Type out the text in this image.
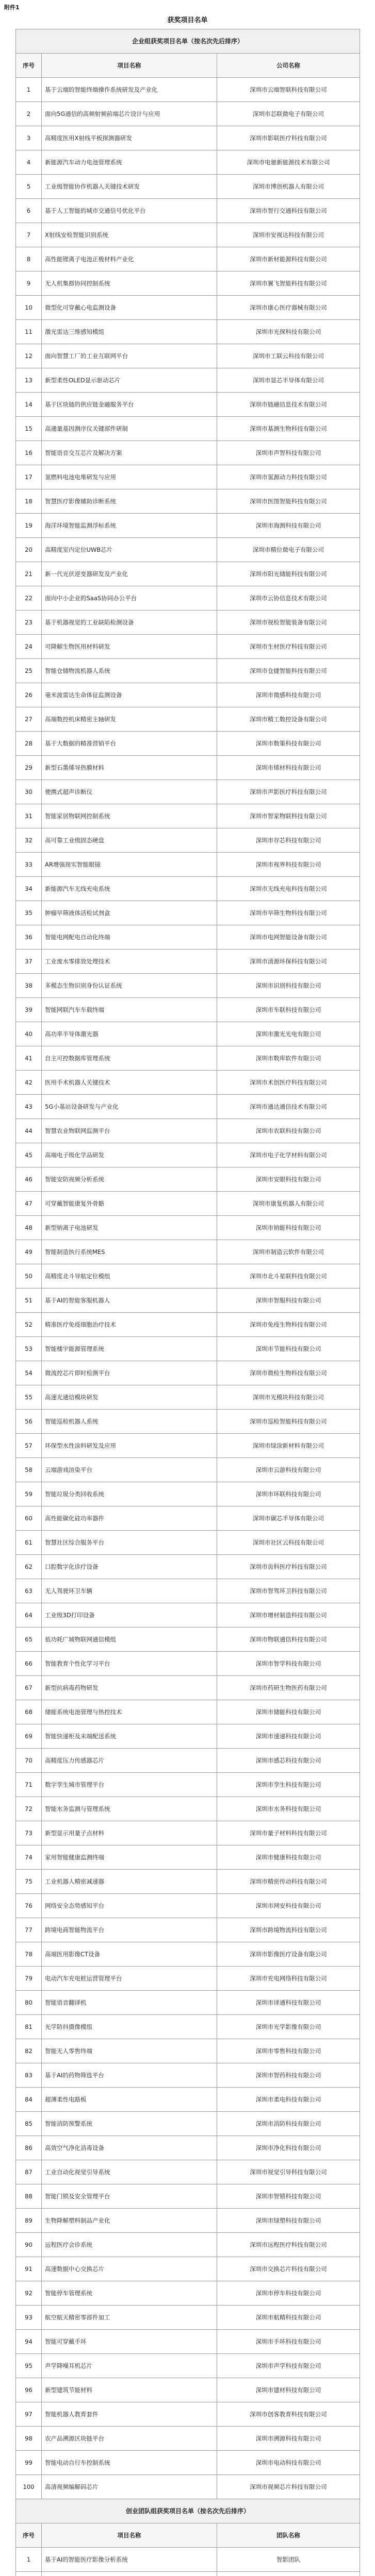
附件1
获奖项目名单
企业组获奖项目名单（按名次先后排序）
序号	项目名称	公司名称
1	基于云端的智能终端操作系统研发及产业化	深圳市云端智联科技有限公司
2	面向5G通信的高频射频前端芯片设计与应用	深圳市芯联微电子有限公司
3	高精度医用X射线平板探测器研发	深圳市影联医疗科技有限公司
4	新能源汽车动力电池管理系统	深圳市电驰新能源技术有限公司
5	工业级智能协作机器人关键技术研发	深圳市博创机器人有限公司
6	基于人工智能的城市交通信号优化平台	深圳市智行交通科技有限公司
7	X射线安检智能识别系统	深圳市安视达科技有限公司
8	高性能锂离子电池正极材料产业化	深圳市新材能源科技有限公司
9	无人机集群协同控制系统	深圳市翼飞智能科技有限公司
10	微型化可穿戴心电监测设备	深圳市康心医疗器械有限公司
11	激光雷达三维感知模组	深圳市光探科技有限公司
12	面向智慧工厂的工业互联网平台	深圳市工联云科技有限公司
13	新型柔性OLED显示驱动芯片	深圳市显芯半导体有限公司
14	基于区块链的供应链金融服务平台	深圳市链融信息技术有限公司
15	高通量基因测序仪关键部件研制	深圳市基测生物科技有限公司
16	智能语音交互芯片及解决方案	深圳市声智科技有限公司
17	氢燃料电池电堆研发与应用	深圳市氢源动力科技有限公司
18	智慧医疗影像辅助诊断系统	深圳市医图智能科技有限公司
19	海洋环境智能监测浮标系统	深圳市海测科技有限公司
20	高精度室内定位UWB芯片	深圳市精位微电子有限公司
21	新一代光伏逆变器研发及产业化	深圳市阳光储能科技有限公司
22	面向中小企业的SaaS协同办公平台	深圳市云协信息技术有限公司
23	基于机器视觉的工业缺陷检测设备	深圳市视检智能装备有限公司
24	可降解生物医用材料研发	深圳市生材医疗科技有限公司
25	智能仓储物流机器人系统	深圳市仓捷智能科技有限公司
26	毫米波雷达生命体征监测设备	深圳市微感科技有限公司
27	高端数控机床精密主轴研发	深圳市精工数控设备有限公司
28	基于大数据的精准营销平台	深圳市数策科技有限公司
29	新型石墨烯导热膜材料	深圳市烯材科技有限公司
30	便携式超声诊断仪	深圳市声影医疗科技有限公司
31	智能家居物联网控制系统	深圳市智家物联科技有限公司
32	高可靠工业级固态硬盘	深圳市存芯科技有限公司
33	AR增强现实智能眼镜	深圳市视界科技有限公司
34	新能源汽车无线充电系统	深圳市无线充电科技有限公司
35	肿瘤早筛液体活检试剂盒	深圳市早筛生物科技有限公司
36	智能电网配电自动化终端	深圳市电网智能设备有限公司
37	工业废水零排放处理技术	深圳市清源环保科技有限公司
38	多模态生物识别身份认证系统	深圳市识别科技有限公司
39	智能网联汽车车载终端	深圳市车联科技有限公司
40	高功率半导体激光器	深圳市激光光电有限公司
41	自主可控数据库管理系统	深圳市数库软件有限公司
42	医用手术机器人关键技术	深圳市术创医疗科技有限公司
43	5G小基站设备研发与产业化	深圳市通达通信技术有限公司
44	智慧农业物联网监测平台	深圳市农联科技有限公司
45	高端电子级化学品研发	深圳市电子化学材料有限公司
46	智能安防视频分析系统	深圳市安眼科技有限公司
47	可穿戴智能康复外骨骼	深圳市康复机器人有限公司
48	新型钠离子电池研发	深圳市钠能科技有限公司
49	智能制造执行系统MES	深圳市制造云软件有限公司
50	高精度北斗导航定位模组	深圳市北斗星联科技有限公司
51	基于AI的智能客服机器人	深圳市智服科技有限公司
52	精准医疗免疫细胞治疗技术	深圳市免疫生物科技有限公司
53	智能楼宇能源管理系统	深圳市节能科技有限公司
54	微流控芯片即时检测平台	深圳市微检生物科技有限公司
55	高速光通信模块研发	深圳市光模块科技有限公司
56	智能巡检机器人系统	深圳市巡检智能科技有限公司
57	环保型水性涂料研发及应用	深圳市绿涂新材料有限公司
58	云端游戏渲染平台	深圳市云游科技有限公司
59	智能垃圾分类回收系统	深圳市环联科技有限公司
60	高性能碳化硅功率器件	深圳市碳芯半导体有限公司
61	智慧社区综合服务平台	深圳市社区云科技有限公司
62	口腔数字化诊疗设备	深圳市齿科医疗科技有限公司
63	无人驾驶环卫车辆	深圳市智驾环卫科技有限公司
64	工业级3D打印设备	深圳市增材制造科技有限公司
65	低功耗广域物联网通信模组	深圳市物联通信科技有限公司
66	智能教育个性化学习平台	深圳市智学科技有限公司
67	新型抗病毒药物研发	深圳市药研生物医药有限公司
68	储能系统电池管理与热控技术	深圳市储能科技有限公司
69	智能快递柜及末端配送系统	深圳市速递科技有限公司
70	高精度压力传感器芯片	深圳市感芯科技有限公司
71	数字孪生城市管理平台	深圳市孪生科技有限公司
72	智能水务监测与管理系统	深圳市水务科技有限公司
73	新型显示用量子点材料	深圳市量子材料科技有限公司
74	家用智能健康监测终端	深圳市健康科技有限公司
75	工业机器人精密减速器	深圳市精密传动科技有限公司
76	网络安全态势感知平台	深圳市网安科技有限公司
77	跨境电商智能物流平台	深圳市跨境物流科技有限公司
78	高端医用影像CT设备	深圳市影像医疗设备有限公司
79	电动汽车充电桩运营管理平台	深圳市充电网络科技有限公司
80	智能语音翻译机	深圳市译通科技有限公司
81	光学防抖摄像模组	深圳市光学影像有限公司
82	智能无人零售终端	深圳市零售科技有限公司
83	基于AI的药物筛选平台	深圳市智药科技有限公司
84	超薄柔性电路板	深圳市柔电科技有限公司
85	智能消防预警系统	深圳市消防科技有限公司
86	高效空气净化消毒设备	深圳市净化科技有限公司
87	工业自动化视觉引导系统	深圳市视觉引导科技有限公司
88	智能门锁及安全管理平台	深圳市智锁科技有限公司
89	生物降解塑料制品产业化	深圳市绿塑科技有限公司
90	远程医疗会诊系统	深圳市远程医疗科技有限公司
91	高速数据中心交换芯片	深圳市交换芯片科技有限公司
92	智能停车管理系统	深圳市停车科技有限公司
93	航空航天精密零部件加工	深圳市航精科技有限公司
94	智能可穿戴手环	深圳市手环科技有限公司
95	声学降噪耳机芯片	深圳市声学科技有限公司
96	新型建筑节能材料	深圳市建材科技有限公司
97	智能机器人教育套件	深圳市创客教育科技有限公司
98	农产品溯源区块链平台	深圳市溯源科技有限公司
99	智能电动自行车控制系统	深圳市电动科技有限公司
100	高清视频编解码芯片	深圳市视频芯片科技有限公司
创业团队组获奖项目名单（按名次先后排序）
序号	项目名称	团队名称
1	基于AI的智能医疗影像分析系统	智影团队
